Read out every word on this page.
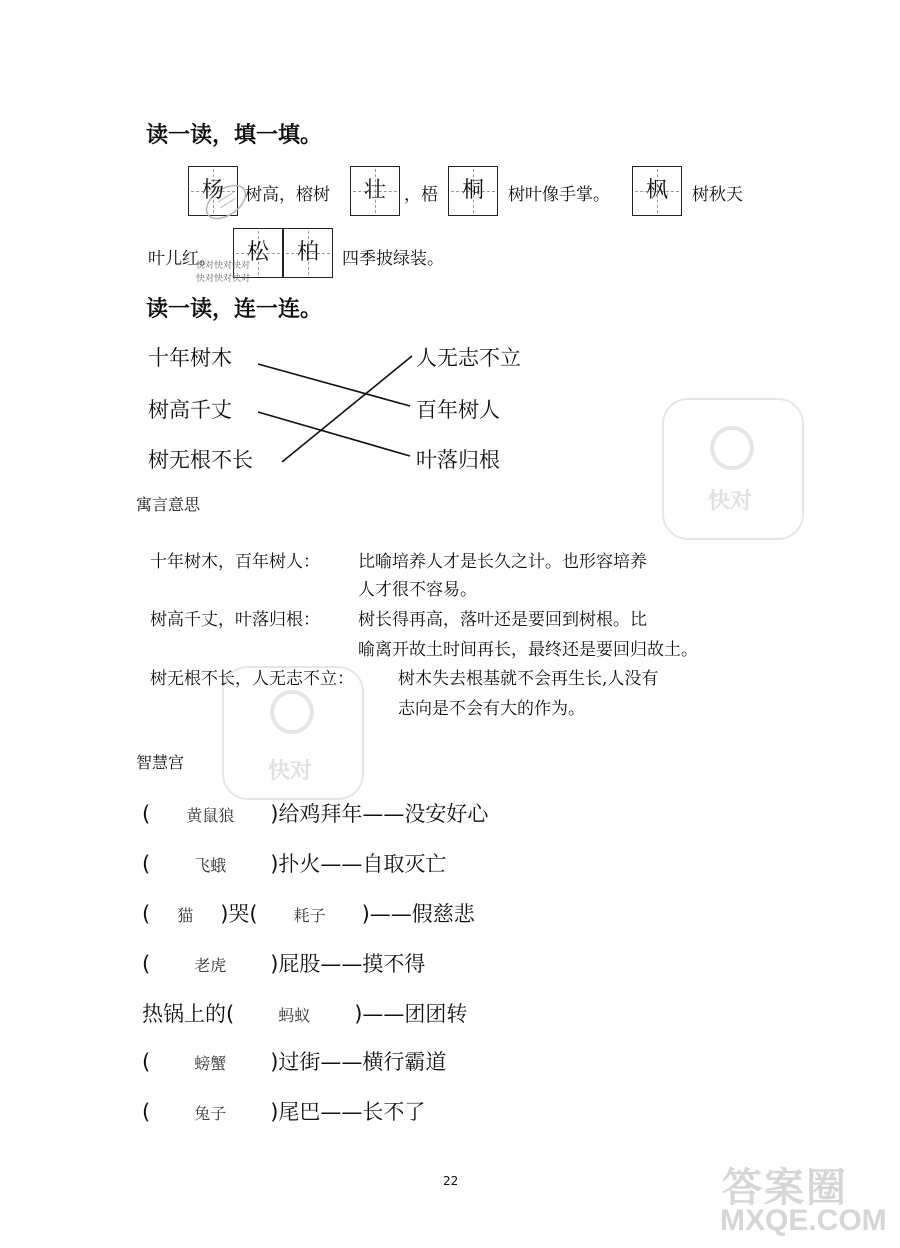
快对
快对
读一读，填一填。
杨	树高，榕树	壮	，梧	桐	树叶像手掌。	枫	树秋天
叶儿红。	松	柏	四季披绿装。
快对快对快对
快对快对快对
读一读，连一连。
十年树木
树高千丈
树无根不长
人无志不立
百年树人
叶落归根
寓言意思
十年树木，百年树人： 比喻培养人才是长久之计。也形容培养
人才很不容易。
树高千丈，叶落归根： 树长得再高，落叶还是要回到树根。比
喻离开故土时间再长，最终还是要回归故土。
树无根不长，人无志不立：	树木失去根基就不会再生长,人没有
志向是不会有大的作为。
智慧宫
( 黄鼠狼 )给鸡拜年——没安好心
(	飞蛾 )扑火——自取灭亡
( 猫 )哭( 耗子 )——假慈悲
(	老虎 )屁股——摸不得
热锅上的(	蚂蚁 )——团团转
(	螃蟹 )过街——横行霸道
(	兔子 )尾巴——长不了
22	答案圈
MXQE.COM
